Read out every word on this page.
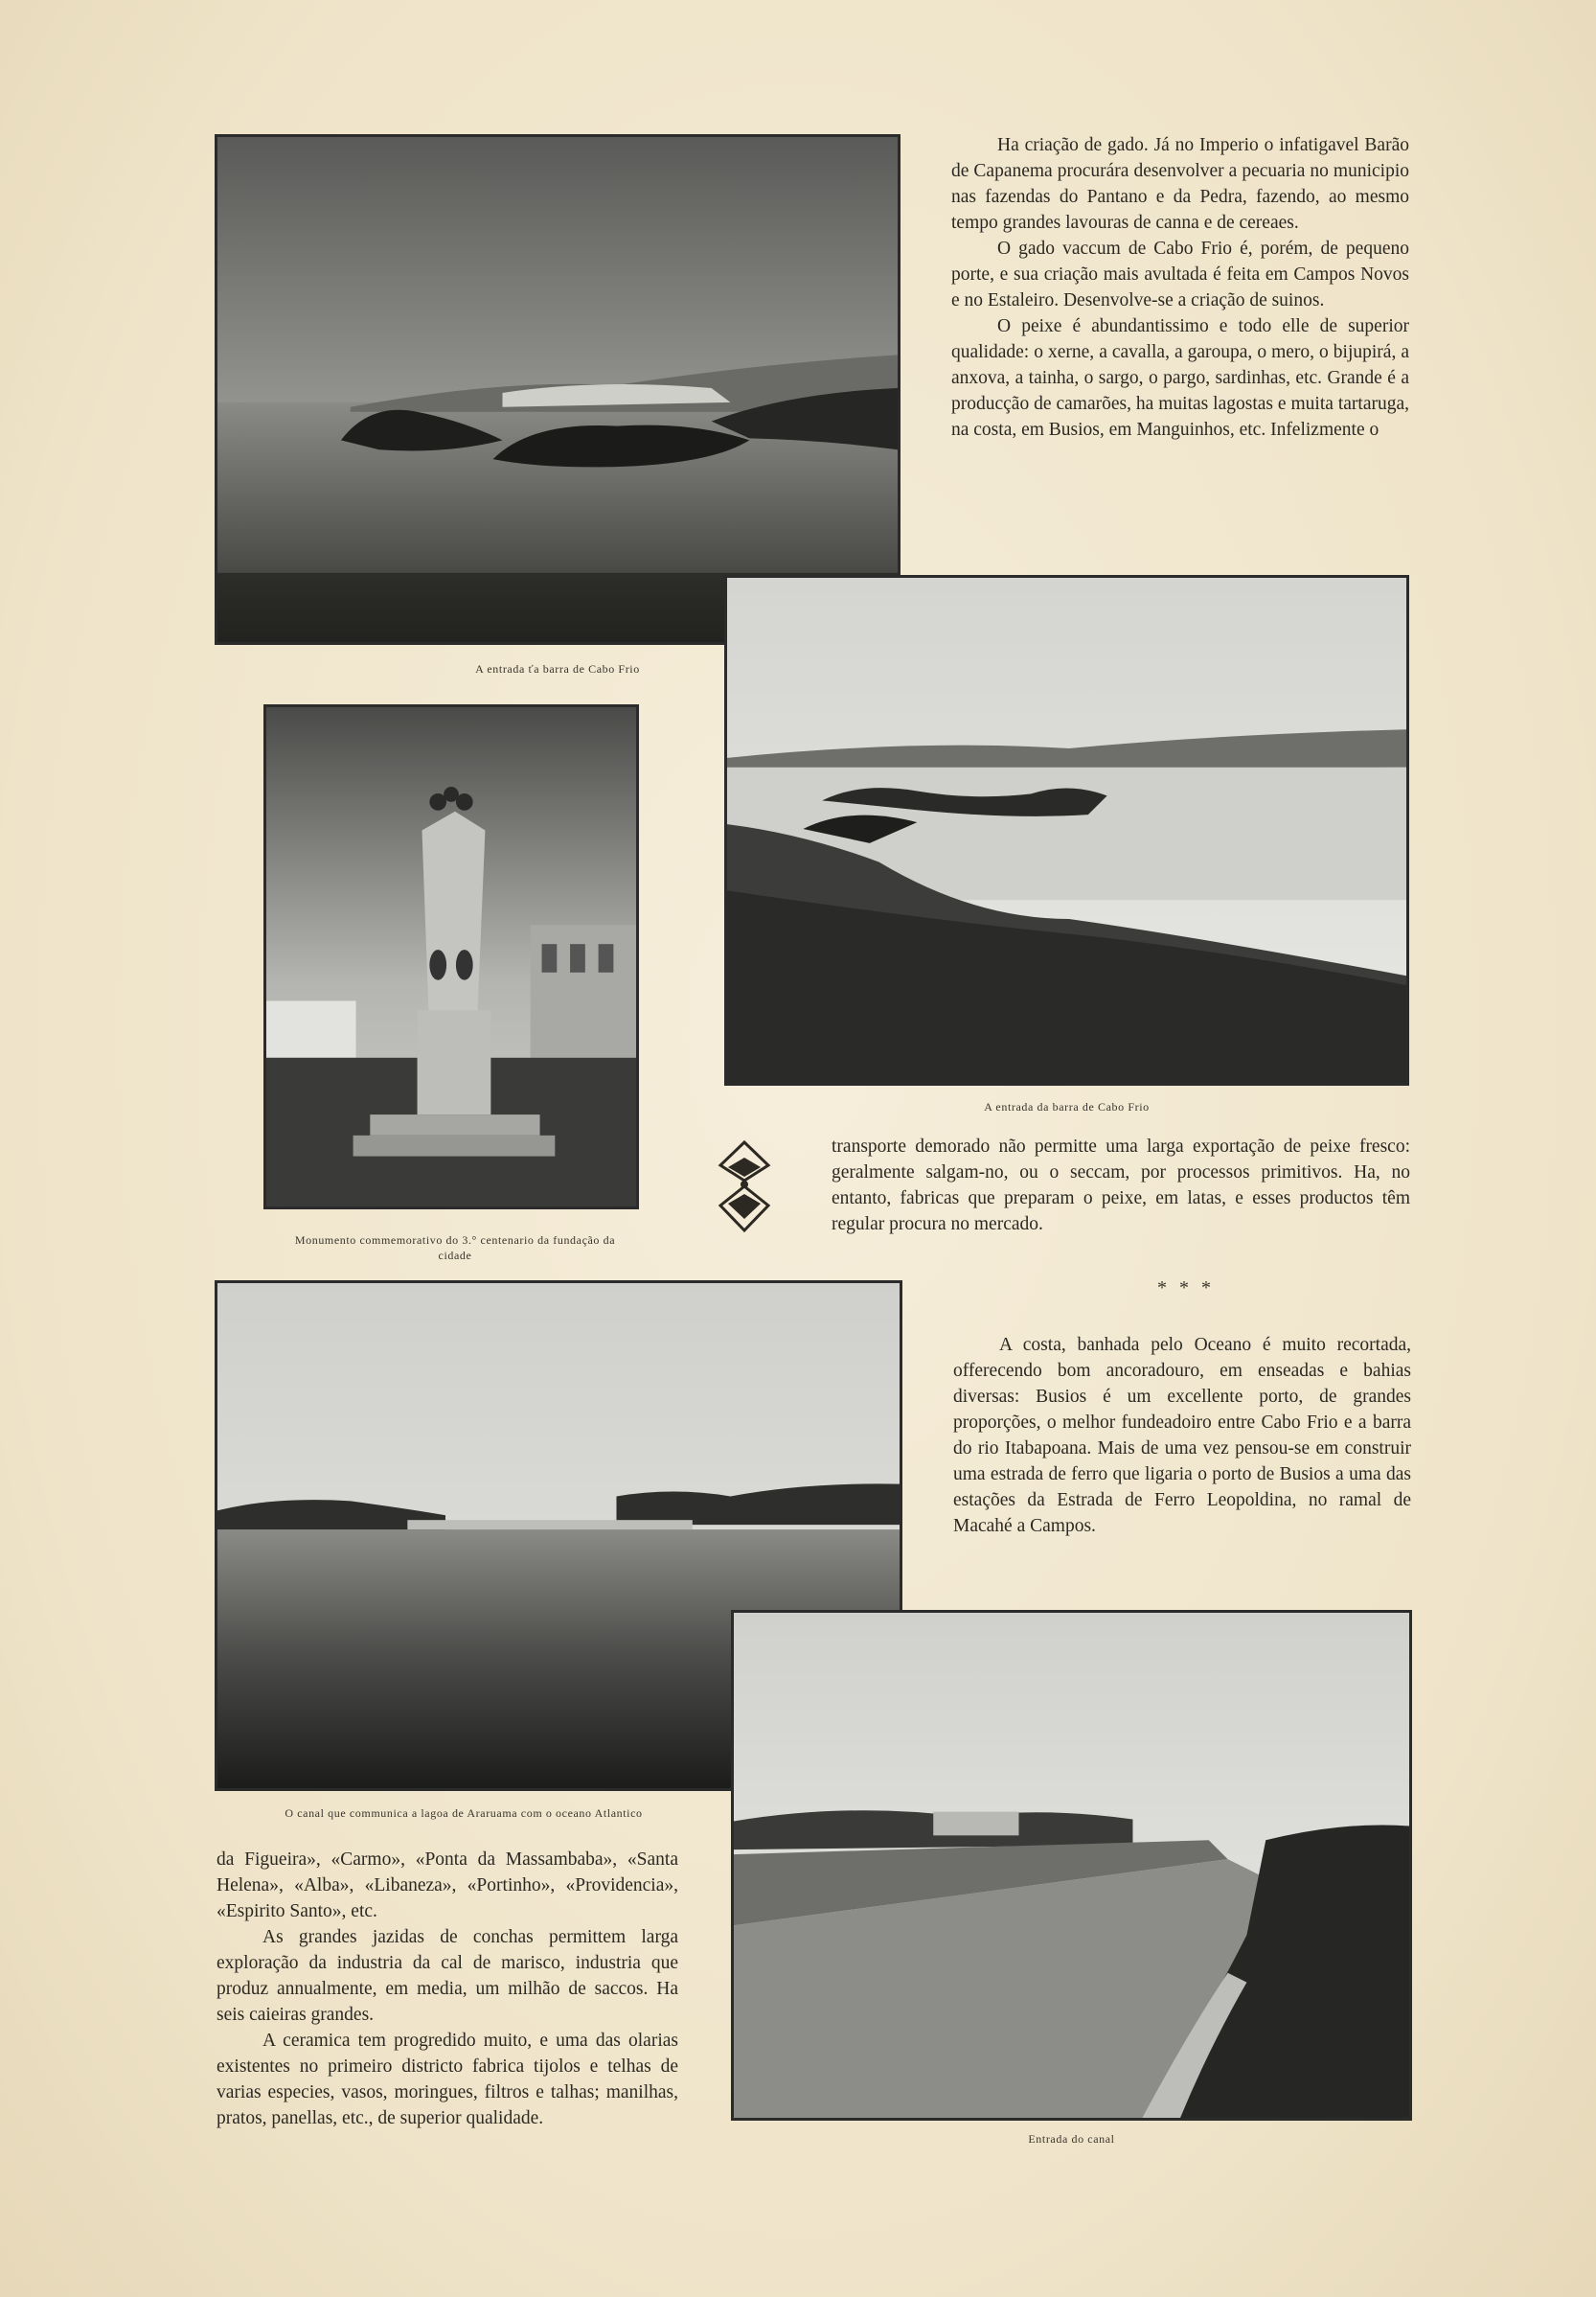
A entrada ťa barra de Cabo Frio
Monumento commemorativo do 3.° centenario da fundação da cidade
A entrada da barra de Cabo Frio
O canal que communica a lagoa de Araruama com o oceano Atlantico
Entrada do canal

Ha criação de gado. Já no Imperio o infatigavel Barão de Capanema procurára desenvolver a pecuaria no municipio nas fazendas do Pantano e da Pedra, fazendo, ao mesmo tempo grandes lavouras de canna e de cereaes.

O gado vaccum de Cabo Frio é, porém, de pequeno porte, e sua criação mais avultada é feita em Campos Novos e no Estaleiro. Desenvolve-se a criação de suinos.

O peixe é abundantissimo e todo elle de superior qualidade: o xerne, a cavalla, a garoupa, o mero, o bijupirá, a anxova, a tainha, o sargo, o pargo, sardinhas, etc. Grande é a producção de camarões, ha muitas lagostas e muita tartaruga, na costa, em Busios, em Manguinhos, etc. Infelizmente o

transporte demorado não permitte uma larga exportação de peixe fresco: geralmente salgam-no, ou o seccam, por processos primitivos. Ha, no entanto, fabricas que preparam o peixe, em latas, e esses productos têm regular procura no mercado.

* * *

A costa, banhada pelo Oceano é muito recortada, offerecendo bom ancoradouro, em enseadas e bahias diversas: Busios é um excellente porto, de grandes proporções, o melhor fundeadoiro entre Cabo Frio e a barra do rio Itabapoana. Mais de uma vez pensou-se em construir uma estrada de ferro que ligaria o porto de Busios a uma das estações da Estrada de Ferro Leopoldina, no ramal de Macahé a Campos.

da Figueira», «Carmo», «Ponta da Massambaba», «Santa Helena», «Alba», «Libaneza», «Portinho», «Providencia», «Espirito Santo», etc.

As grandes jazidas de conchas permittem larga exploração da industria da cal de marisco, industria que produz annualmente, em media, um milhão de saccos. Ha seis caieiras grandes.

A ceramica tem progredido muito, e uma das olarias existentes no primeiro districto fabrica tijolos e telhas de varias especies, vasos, moringues, filtros e talhas; manilhas, pratos, panellas, etc., de superior qualidade.
